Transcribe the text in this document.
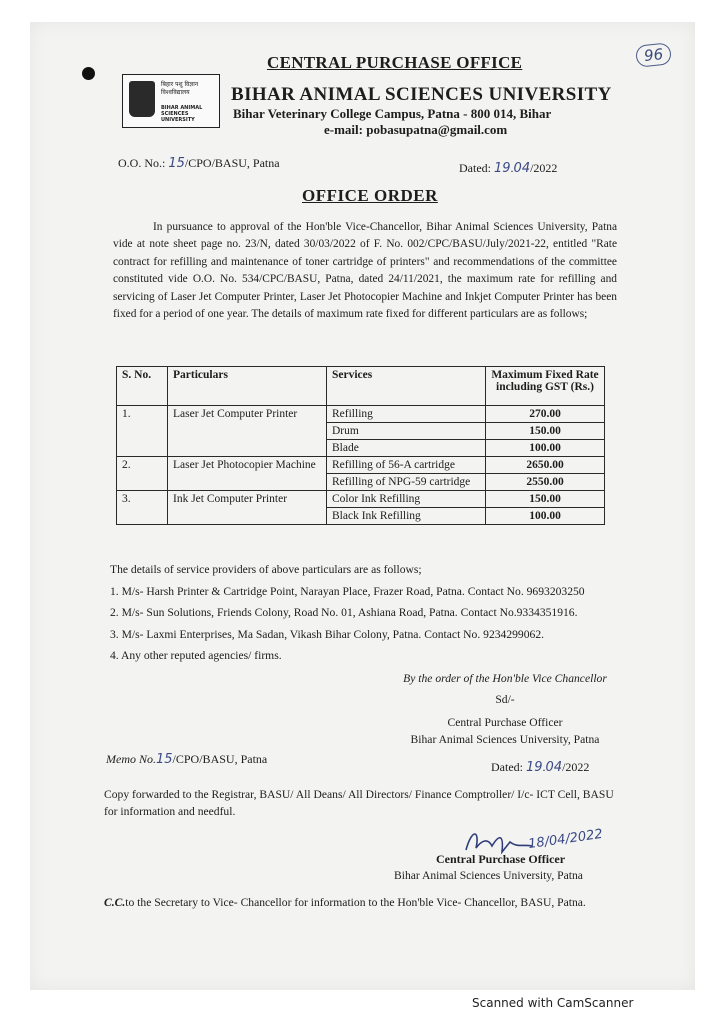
96
बिहार पशु विज्ञान विश्वविद्यालय
BIHAR ANIMAL SCIENCES UNIVERSITY
CENTRAL PURCHASE OFFICE
BIHAR ANIMAL SCIENCES UNIVERSITY
Bihar Veterinary College Campus, Patna - 800 014, Bihar
e-mail: pobasupatna@gmail.com
O.O. No.: 15/CPO/BASU, Patna	Dated: 19.04/2022
OFFICE ORDER
In pursuance to approval of the Hon'ble Vice-Chancellor, Bihar Animal Sciences University, Patna vide at note sheet page no. 23/N, dated 30/03/2022 of F. No. 002/CPC/BASU/July/2021-22, entitled "Rate contract for refilling and maintenance of toner cartridge of printers" and recommendations of the committee constituted vide O.O. No. 534/CPC/BASU, Patna, dated 24/11/2021, the maximum rate for refilling and servicing of Laser Jet Computer Printer, Laser Jet Photocopier Machine and Inkjet Computer Printer has been fixed for a period of one year. The details of maximum rate fixed for different particulars are as follows;
S. No.	Particulars	Services	Maximum Fixed Rate including GST (Rs.)
1.	Laser Jet Computer Printer	Refilling	270.00
		Drum	150.00
		Blade	100.00
2.	Laser Jet Photocopier Machine	Refilling of 56-A cartridge	2650.00
		Refilling of NPG-59 cartridge	2550.00
3.	Ink Jet Computer Printer	Color Ink Refilling	150.00
		Black Ink Refilling	100.00
The details of service providers of above particulars are as follows;
1. M/s- Harsh Printer & Cartridge Point, Narayan Place, Frazer Road, Patna. Contact No. 9693203250
2. M/s- Sun Solutions, Friends Colony, Road No. 01, Ashiana Road, Patna. Contact No.9334351916.
3. M/s- Laxmi Enterprises, Ma Sadan, Vikash Bihar Colony, Patna. Contact No. 9234299062.
4. Any other reputed agencies/ firms.
By the order of the Hon'ble Vice Chancellor
Sd/-
Central Purchase Officer
Bihar Animal Sciences University, Patna
Memo No.15/CPO/BASU, Patna
Dated: 19.04/2022
Copy forwarded to the Registrar, BASU/ All Deans/ All Directors/ Finance Comptroller/ I/c- ICT Cell, BASU for information and needful.
18/04/2022
Central Purchase Officer
Bihar Animal Sciences University, Patna
C.C.to the Secretary to Vice- Chancellor for information to the Hon'ble Vice- Chancellor, BASU, Patna.
Scanned with CamScanner
